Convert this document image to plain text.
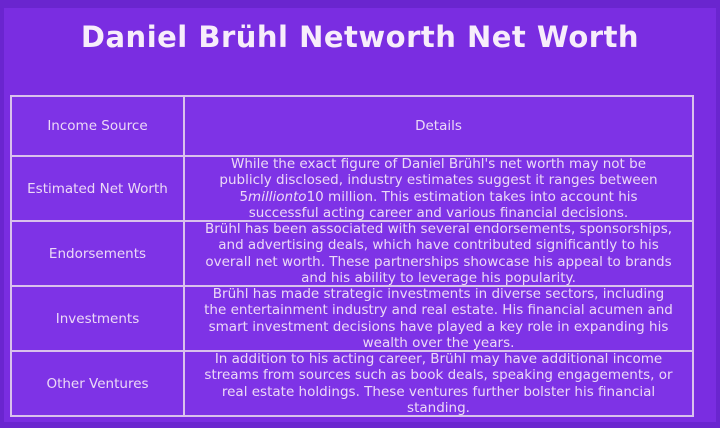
Daniel Brühl Networth Net Worth
Income Source	Details
Estimated Net Worth
While the exact figure of Daniel Brühl's net worth may not be publicly disclosed, industry estimates suggest it ranges between 5millionto10 million. This estimation takes into account his successful acting career and various financial decisions.
Endorsements
Brühl has been associated with several endorsements, sponsorships, and advertising deals, which have contributed significantly to his overall net worth. These partnerships showcase his appeal to brands and his ability to leverage his popularity.
Investments
Brühl has made strategic investments in diverse sectors, including the entertainment industry and real estate. His financial acumen and smart investment decisions have played a key role in expanding his wealth over the years.
Other Ventures
In addition to his acting career, Brühl may have additional income streams from sources such as book deals, speaking engagements, or real estate holdings. These ventures further bolster his financial standing.
